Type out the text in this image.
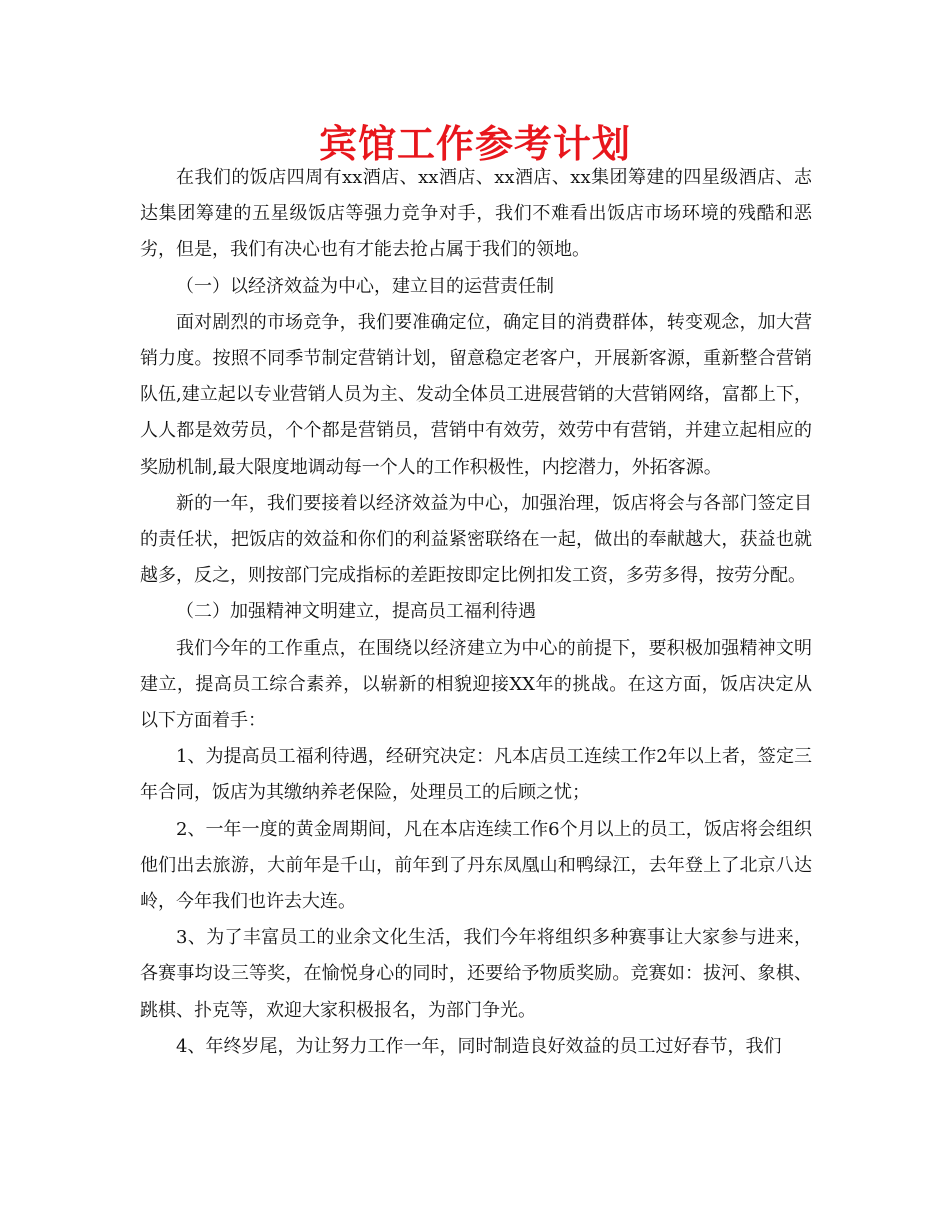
宾馆工作参考计划

在我们的饭店四周有xx酒店、xx酒店、xx酒店、xx集团筹建的四星级酒店、志达集团筹建的五星级饭店等强力竞争对手，我们不难看出饭店市场环境的残酷和恶劣，但是，我们有决心也有才能去抢占属于我们的领地。

（一）以经济效益为中心，建立目的运营责任制

面对剧烈的市场竞争，我们要准确定位，确定目的消费群体，转变观念，加大营销力度。按照不同季节制定营销计划，留意稳定老客户，开展新客源，重新整合营销队伍,建立起以专业营销人员为主、发动全体员工进展营销的大营销网络，富都上下，人人都是效劳员，个个都是营销员，营销中有效劳，效劳中有营销，并建立起相应的奖励机制,最大限度地调动每一个人的工作积极性，内挖潜力，外拓客源。

新的一年，我们要接着以经济效益为中心，加强治理，饭店将会与各部门签定目的责任状，把饭店的效益和你们的利益紧密联络在一起，做出的奉献越大，获益也就越多，反之，则按部门完成指标的差距按即定比例扣发工资，多劳多得，按劳分配。

（二）加强精神文明建立，提高员工福利待遇

我们今年的工作重点，在围绕以经济建立为中心的前提下，要积极加强精神文明建立，提高员工综合素养，以崭新的相貌迎接XX年的挑战。在这方面，饭店决定从以下方面着手：

1、为提高员工福利待遇，经研究决定：凡本店员工连续工作2年以上者，签定三年合同，饭店为其缴纳养老保险，处理员工的后顾之忧；

2、一年一度的黄金周期间，凡在本店连续工作6个月以上的员工，饭店将会组织他们出去旅游，大前年是千山，前年到了丹东凤凰山和鸭绿江，去年登上了北京八达岭，今年我们也许去大连。

3、为了丰富员工的业余文化生活，我们今年将组织多种赛事让大家参与进来，各赛事均设三等奖，在愉悦身心的同时，还要给予物质奖励。竞赛如：拔河、象棋、跳棋、扑克等，欢迎大家积极报名，为部门争光。

4、年终岁尾，为让努力工作一年，同时制造良好效益的员工过好春节，我们
